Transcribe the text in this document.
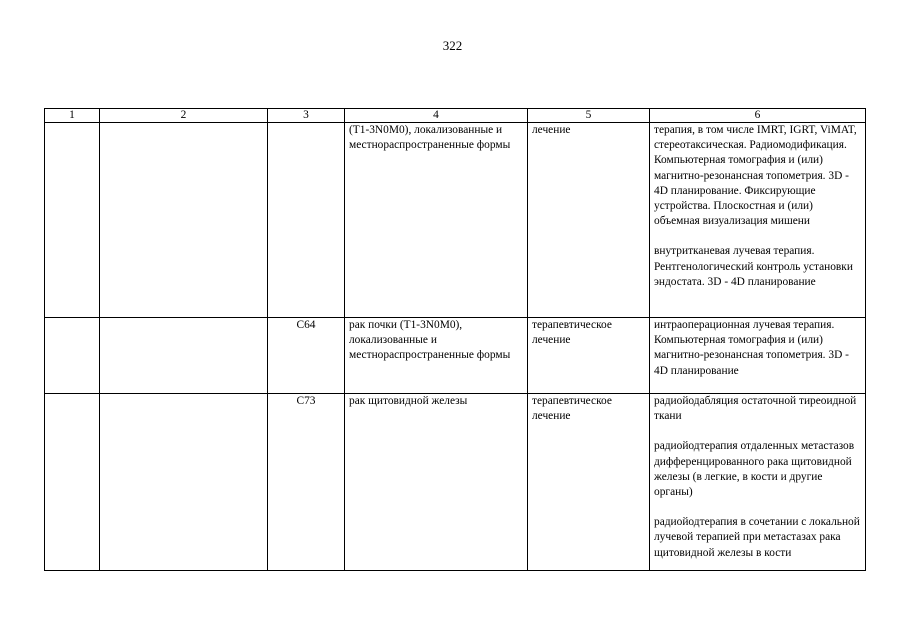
322
1	2	3	4	5	6
			(T1-3N0M0), локализованные и местнораспространенные формы	лечение	терапия, в том числе IMRT, IGRT, ViMAT, стереотаксическая. Радиомодификация. Компьютерная томография и (или) магнитно-резонансная топометрия. 3D - 4D планирование. Фиксирующие устройства. Плоскостная и (или) объемная визуализация мишени
внутритканевая лучевая терапия. Рентгенологический контроль установки эндостата. 3D - 4D планирование

		C64	рак почки (T1-3N0M0), локализованные и местнораспространенные формы	терапевтическое лечение	интраоперационная лучевая терапия. Компьютерная томография и (или) магнитно-резонансная топометрия. 3D - 4D планирование

		C73	рак щитовидной железы	терапевтическое лечение	радиойодабляция остаточной тиреоидной ткани
радиойодтерапия отдаленных метастазов дифференцированного рака щитовидной железы (в легкие, в кости и другие органы)
радиойодтерапия в сочетании с локальной лучевой терапией при метастазах рака щитовидной железы в кости
